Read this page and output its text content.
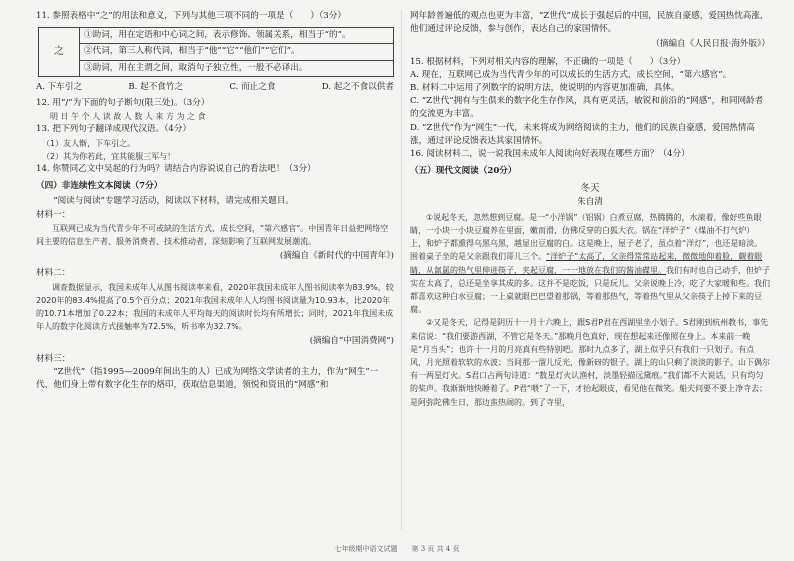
11. 参照表格中“之”的用法和意义，下列与其他三项不同的一项是（　　）（3分）

之
①助词，用在定语和中心词之间，表示修饰、领属关系，相当于“的”。
②代词，第三人称代词，相当于“他”“它”“他们”“它们”。
③助词，用在主谓之间，取消句子独立性，一般不必译出。
A. 下车引之	B. 起不食竹之	C. 而止之食	D. 起之不食以供者

12. 用“/”为下面的句子断句(限三处)。（3分）

明 日 午 个 人 读 故 人 数 人 来 方 为 之 食

13. 把下列句子翻译成现代汉语。（4分）

（1）友人惭，下车引之。

（2）其为你若此，宜其能服三军与！

14. 你赞同乙文中吴起的行为吗？请结合内容说说自己的看法吧！（3分）

（四）非连续性文本阅读（7分）

“阅读与阅读”专题学习活动，阅读以下材料，请完成相关题目。

材料一：

互联网已成为当代青少年不可或缺的生活方式、成长空间，“第六感官”。中国青年日益把网络空间主要的信息生产者、服务消费者、技术推动者，深刻影响了互联网发展潮流。

(摘编自《新时代的中国青年》)

材料二：

调查数据显示，我国未成年人从图书阅读率来看，2020年我国未成年人图书阅读率为83.9%，较2020年的83.4%提高了0.5个百分点；2021年我国未成年人人均图书阅读量为10.93本，比2020年的10.71本增加了0.22本；我国的未成年人平均每天的阅读时长均有所增长；同时，2021年我国未成年人的数字化阅读方式接触率为72.5%，听书率为32.7%。

(摘编自“中国消费网”)

材料三：

“Z世代”（指1995—2009年间出生的人）已成为网络文学读者的主力，作为“网生”一代，他们身上带有数字化生存的烙印，获取信息渠道，领悦和资讯的“网感”和

网年龄普遍低的观点也更为丰富，“Z世代”成长于强起后的中国，民族自豪感，爱国热忱高涨，他们通过评论反馈，参与创作，表达自己的家国情怀。

（摘编自《人民日报·海外版》）

15. 根据材料，下列对相关内容的理解，不正确的一项是（　　）（3分）

A. 现在，互联网已成为当代青少年的可以成长的生活方式，成长空间，“第六感官”。

B. 材料二中运用了列数字的说明方法，使说明的内容更加准确，具体。

C. “Z世代”拥有与生俱来的数字化生存作风，具有更灵活，敏锐和前沿的“网感”，和同网龄者的交流更为丰富。

D. “Z世代”作为“网生”一代，未来将成为网络阅读的主力，他们的民族自豪感，爱国热情高涨，通过评论反馈表达其家国情怀。

16. 阅读材料二，说一说我国未成年人阅读向好表现在哪些方面？（4分）

（五）现代文阅读（20分）

冬天

朱自清

①说起冬天，忽然想到豆腐。是一“小洋锅”（铝锅）白煮豆腐，热腾腾的，水滚着，像好些鱼眼睛，一小块一小块豆腐养在里面，嫩而滑，仿佛反穿的白狐大衣。锅在“洋炉子”（煤油不打气炉）上，和炉子都熏得乌黑乌黑，越显出豆腐的白。这是晚上，屋子老了，虽点着“洋灯”，也还是暗淡。围着桌子坐的是父亲跟我们哥儿三个。“洋炉子”太高了，父亲得常常站起来，微微地仰着脸，觑着眼睛，从氤氲的热气里伸进筷子，夹起豆腐，一一地放在我们的酱油碟里。我们有时也自己动手，但炉子实在太高了，总还是坐享其成的多。这并不是吃饭，只是玩儿。父亲说晚上冷，吃了大家暖和些。我们都喜欢这种白水豆腐；一上桌就眼巴巴望着那锅，等着那热气，等着热气里从父亲筷子上掉下来的豆腐。

②又是冬天，记得是阴历十一月十六晚上，跟S君P君在西湖里坐小划子。S君刚到杭州教书，事先来信说：“我们要游西湖，不管它是冬天。”那晚月色真好，现在想起来还像照在身上。本来前一晚是“月当头”；也许十一月的月亮真有些特别吧。那时九点多了，湖上似乎只有我们一只划子。有点风，月光照着软软的水波；当间那一溜儿反光，像新砑的银子。湖上的山只剩了淡淡的影子。山下偶尔有一两星灯火。S君口占两句诗道：“数星灯火认渔村，淡墨轻描远黛痕。”我们都不大说话，只有均匀的桨声。我渐渐地快睡着了。P君“喂”了一下，才抬起眼皮，看见他在微笑。船夫问要不要上净寺去；是阿弥陀佛生日，那边蛮热闹的。到了寺里，

七年级期中语文试题　　第 3 页 共 4 页
